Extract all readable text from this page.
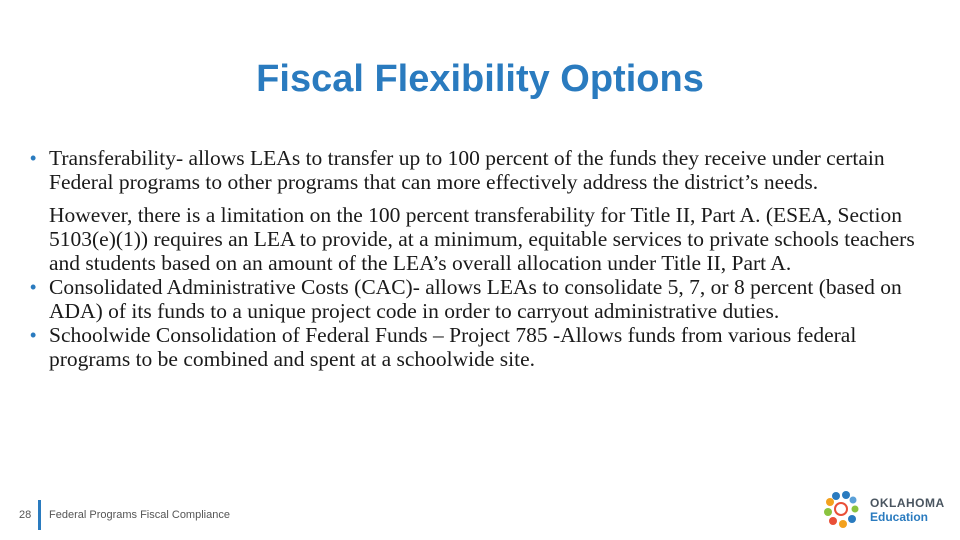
Fiscal Flexibility Options

• Transferability- allows LEAs to transfer up to 100 percent of the funds they receive under certain Federal programs to other programs that can more effectively address the district’s needs.

However, there is a limitation on the 100 percent transferability for Title II, Part A. (ESEA, Section 5103(e)(1)) requires an LEA to provide, at a minimum, equitable services to private schools teachers and students based on an amount of the LEA’s overall allocation under Title II, Part A.

• Consolidated Administrative Costs (CAC)- allows LEAs to consolidate 5, 7, or 8 percent (based on ADA) of its funds to a unique project code in order to carryout administrative duties.

• Schoolwide Consolidation of Federal Funds – Project 785 -Allows funds from various federal programs to be combined and spent at a schoolwide site.

28 Federal Programs Fiscal Compliance
OKLAHOMA
Education
